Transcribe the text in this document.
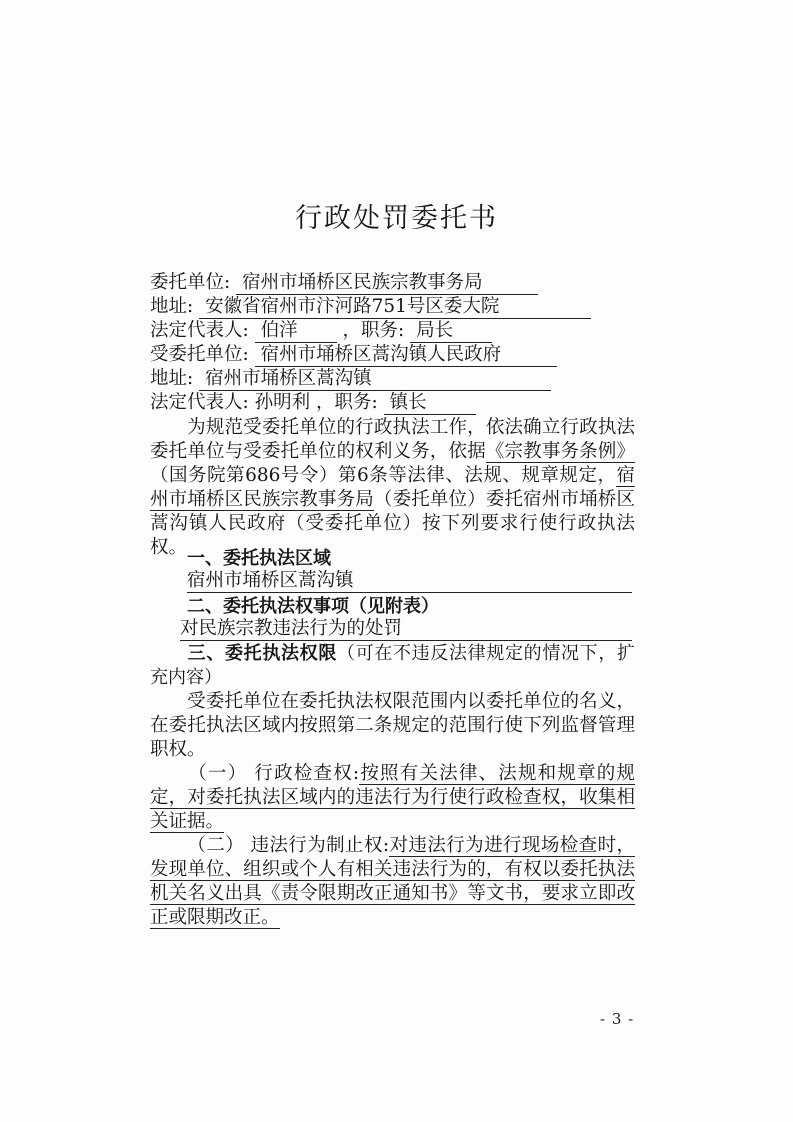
行政处罚委托书
委托单位: 宿州市埇桥区民族宗教事务局
地址: 安徽省宿州市汴河路751号区委大院
法定代表人: 伯洋 ，职务: 局长
受委托单位: 宿州市埇桥区蒿沟镇人民政府
地址: 宿州市埇桥区蒿沟镇
法定代表人: 孙明利 ，职务: 镇长
为规范受委托单位的行政执法工作，依法确立行政执法委托单位与受委托单位的权利义务，依据《宗教事务条例》（国务院第686号令）第6条等法律、法规、规章规定，宿州市埇桥区民族宗教事务局（委托单位）委托宿州市埇桥区蒿沟镇人民政府（受委托单位）按下列要求行使行政执法权。
一、委托执法区域
宿州市埇桥区蒿沟镇
二、委托执法权事项（见附表）
对民族宗教违法行为的处罚
三、委托执法权限（可在不违反法律规定的情况下，扩充内容）
受委托单位在委托执法权限范围内以委托单位的名义，在委托执法区域内按照第二条规定的范围行使下列监督管理职权。
（一） 行政检查权:按照有关法律、法规和规章的规定，对委托执法区域内的违法行为行使行政检查权，收集相关证据。
（二） 违法行为制止权:对违法行为进行现场检查时，发现单位、组织或个人有相关违法行为的，有权以委托执法机关名义出具《责令限期改正通知书》等文书，要求立即改正或限期改正。
- 3 -
